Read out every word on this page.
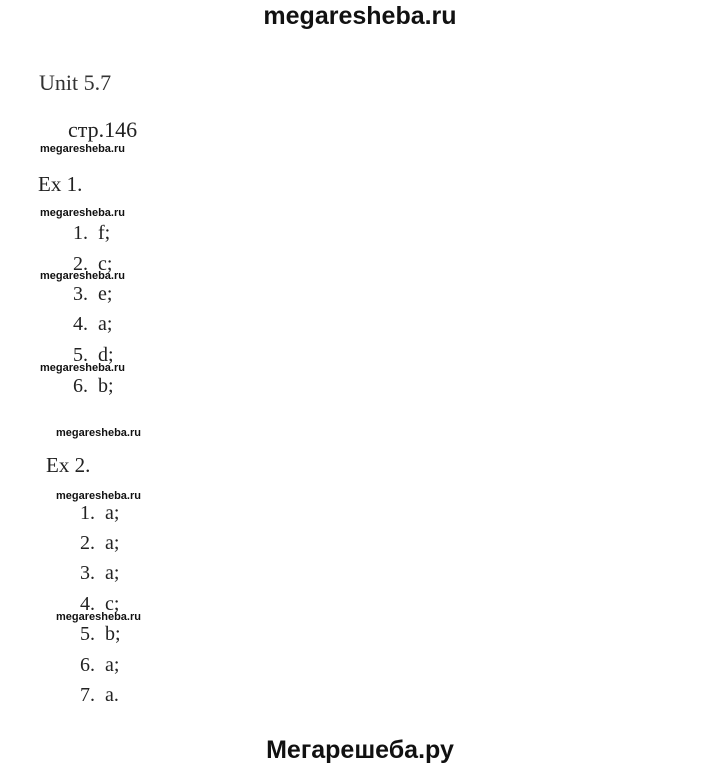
megaresheba.ru
Unit 5.7
стр.146
megaresheba.ru
megaresheba.ru
megaresheba.ru
megaresheba.ru
megaresheba.ru
megaresheba.ru
megaresheba.ru
Ex 1.
1. f;
2. c;
3. e;
4. a;
5. d;
6. b;
Ex 2.
1. a;
2. a;
3. a;
4. c;
5. b;
6. a;
7. a.
Мегарешеба.ру
